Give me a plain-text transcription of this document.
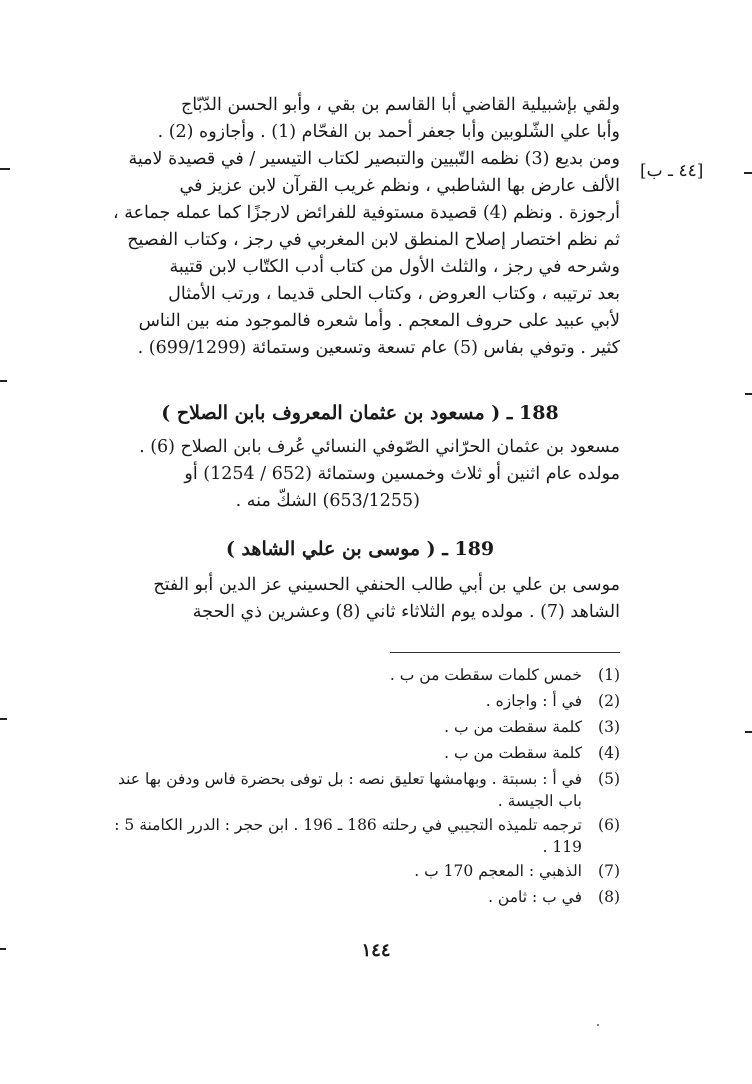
ولقي بإشبيلية القاضي أبا القاسم بن بقي ، وأبو الحسن الدّبّاج
وأبا علي الشّلوبين وأبا جعفر أحمد بن الفحّام (1) . وأجازوه (2) .
ومن بديع (3) نظمه التّبيين والتبصير لكتاب التيسير / في قصيدة لامية
الألف عارض بها الشاطبي ، ونظم غريب القرآن لابن عزيز في
أرجوزة . ونظم (4) قصيدة مستوفية للفرائض لارجزًا كما عمله جماعة ،
ثم نظم اختصار إصلاح المنطق لابن المغربي في رجز ، وكتاب الفصيح
وشرحه في رجز ، والثلث الأول من كتاب أدب الكتّاب لابن قتيبة
بعد ترتيبه ، وكتاب العروض ، وكتاب الحلى قديما ، ورتب الأمثال
لأبي عبيد على حروف المعجم . وأما شعره فالموجود منه بين الناس
كثير . وتوفي بفاس (5) عام تسعة وتسعين وستمائة (699/1299) .
[٤٤ ـ ب]
188 ـ ( مسعود بن عثمان المعروف بابن الصلاح )
مسعود بن عثمان الحرّاني الصّوفي النسائي عُرف بابن الصلاح (6) .
مولده عام اثنين أو ثلاث وخمسين وستمائة (652 / 1254) أو
(653/1255) الشكّ منه .
189 ـ ( موسى بن علي الشاهد )
موسى بن علي بن أبي طالب الحنفي الحسيني عز الدين أبو الفتح
الشاهد (7) . مولده يوم الثلاثاء ثاني (8) وعشرين ذي الحجة
(1)
خمس كلمات سقطت من ب .
(2)
في أ : واجازه .
(3)
كلمة سقطت من ب .
(4)
كلمة سقطت من ب .
(5)
في أ : بسبتة . وبهامشها تعليق نصه : بل توفى بحضرة فاس ودفن بها عند باب الجيسة .
(6)
ترجمه تلميذه التجيبي في رحلته 186 ـ 196 . ابن حجر : الدرر الكامنة 5 : 119 .
(7)
الذهبي : المعجم 170 ب .
(8)
في ب : ثامن .
١٤٤
